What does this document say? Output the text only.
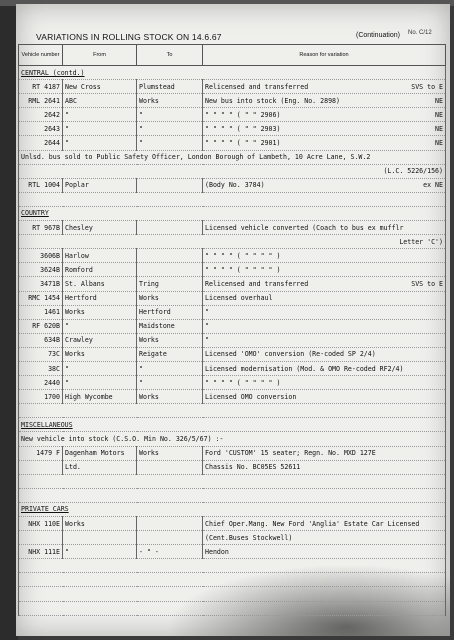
VARIATIONS IN ROLLING STOCK ON 14.6.67	(Continuation) No. C/12
Vehicle number	From	To	Reason for variation
CENTRAL (contd.)			
RT 4187	New Cross	Plumstead	Relicensed and transferred SVS to E

RML 2641	ABC	Works	New bus into stock (Eng. No. 2898) NE

2642	"	"	" " " " ( " " 2906) NE

2643	"	"	" " " " ( " " 2903) NE

2644	"	"	" " " " ( " " 2901) NE

Unlsd. bus sold to Public Safety Officer, London Borough of Lambeth, 10 Acre Lane, S.W.2			

(L.C. 5226/156)			

RTL 1004	Poplar		(Body No. 3784) ex NE

COUNTRY			
RT 967B	Chesley		Licensed vehicle converted (Coach to bus ex mufflr

Letter 'C')			

3606B	Harlow		" " " " ( " " " " )
3624B	Romford		" " " " ( " " " " )
3471B	St. Albans	Tring	Relicensed and transferred SVS to E

RMC 1454	Hertford	Works	Licensed overhaul
1461	Works	Hertford	"
RF 620B	"	Maidstone	"
634B	Crawley	Works	"
73C	Works	Reigate	Licensed 'OMO' conversion (Re-coded SP 2/4)
38C	"	"	Licensed modernisation (Mod. & OMO Re-coded RF2/4)
2440	"	"	" " " " ( " " " " )
1700	High Wycombe	Works	Licensed OMO conversion

MISCELLANEOUS			
New vehicle into stock (C.S.O. Min No. 326/5/67) :-			
1479 F	Dagenham Motors	Works	Ford 'CUSTOM' 15 seater; Regn. No. MXD 127E
	Ltd.		Chassis No. BC05ES 52611

PRIVATE CARS			
NHX 110E	Works		Chief Oper.Mang. New Ford 'Anglia' Estate Car Licensed
			(Cent.Buses Stockwell)
NHX 111E	"	- " -	Hendon
